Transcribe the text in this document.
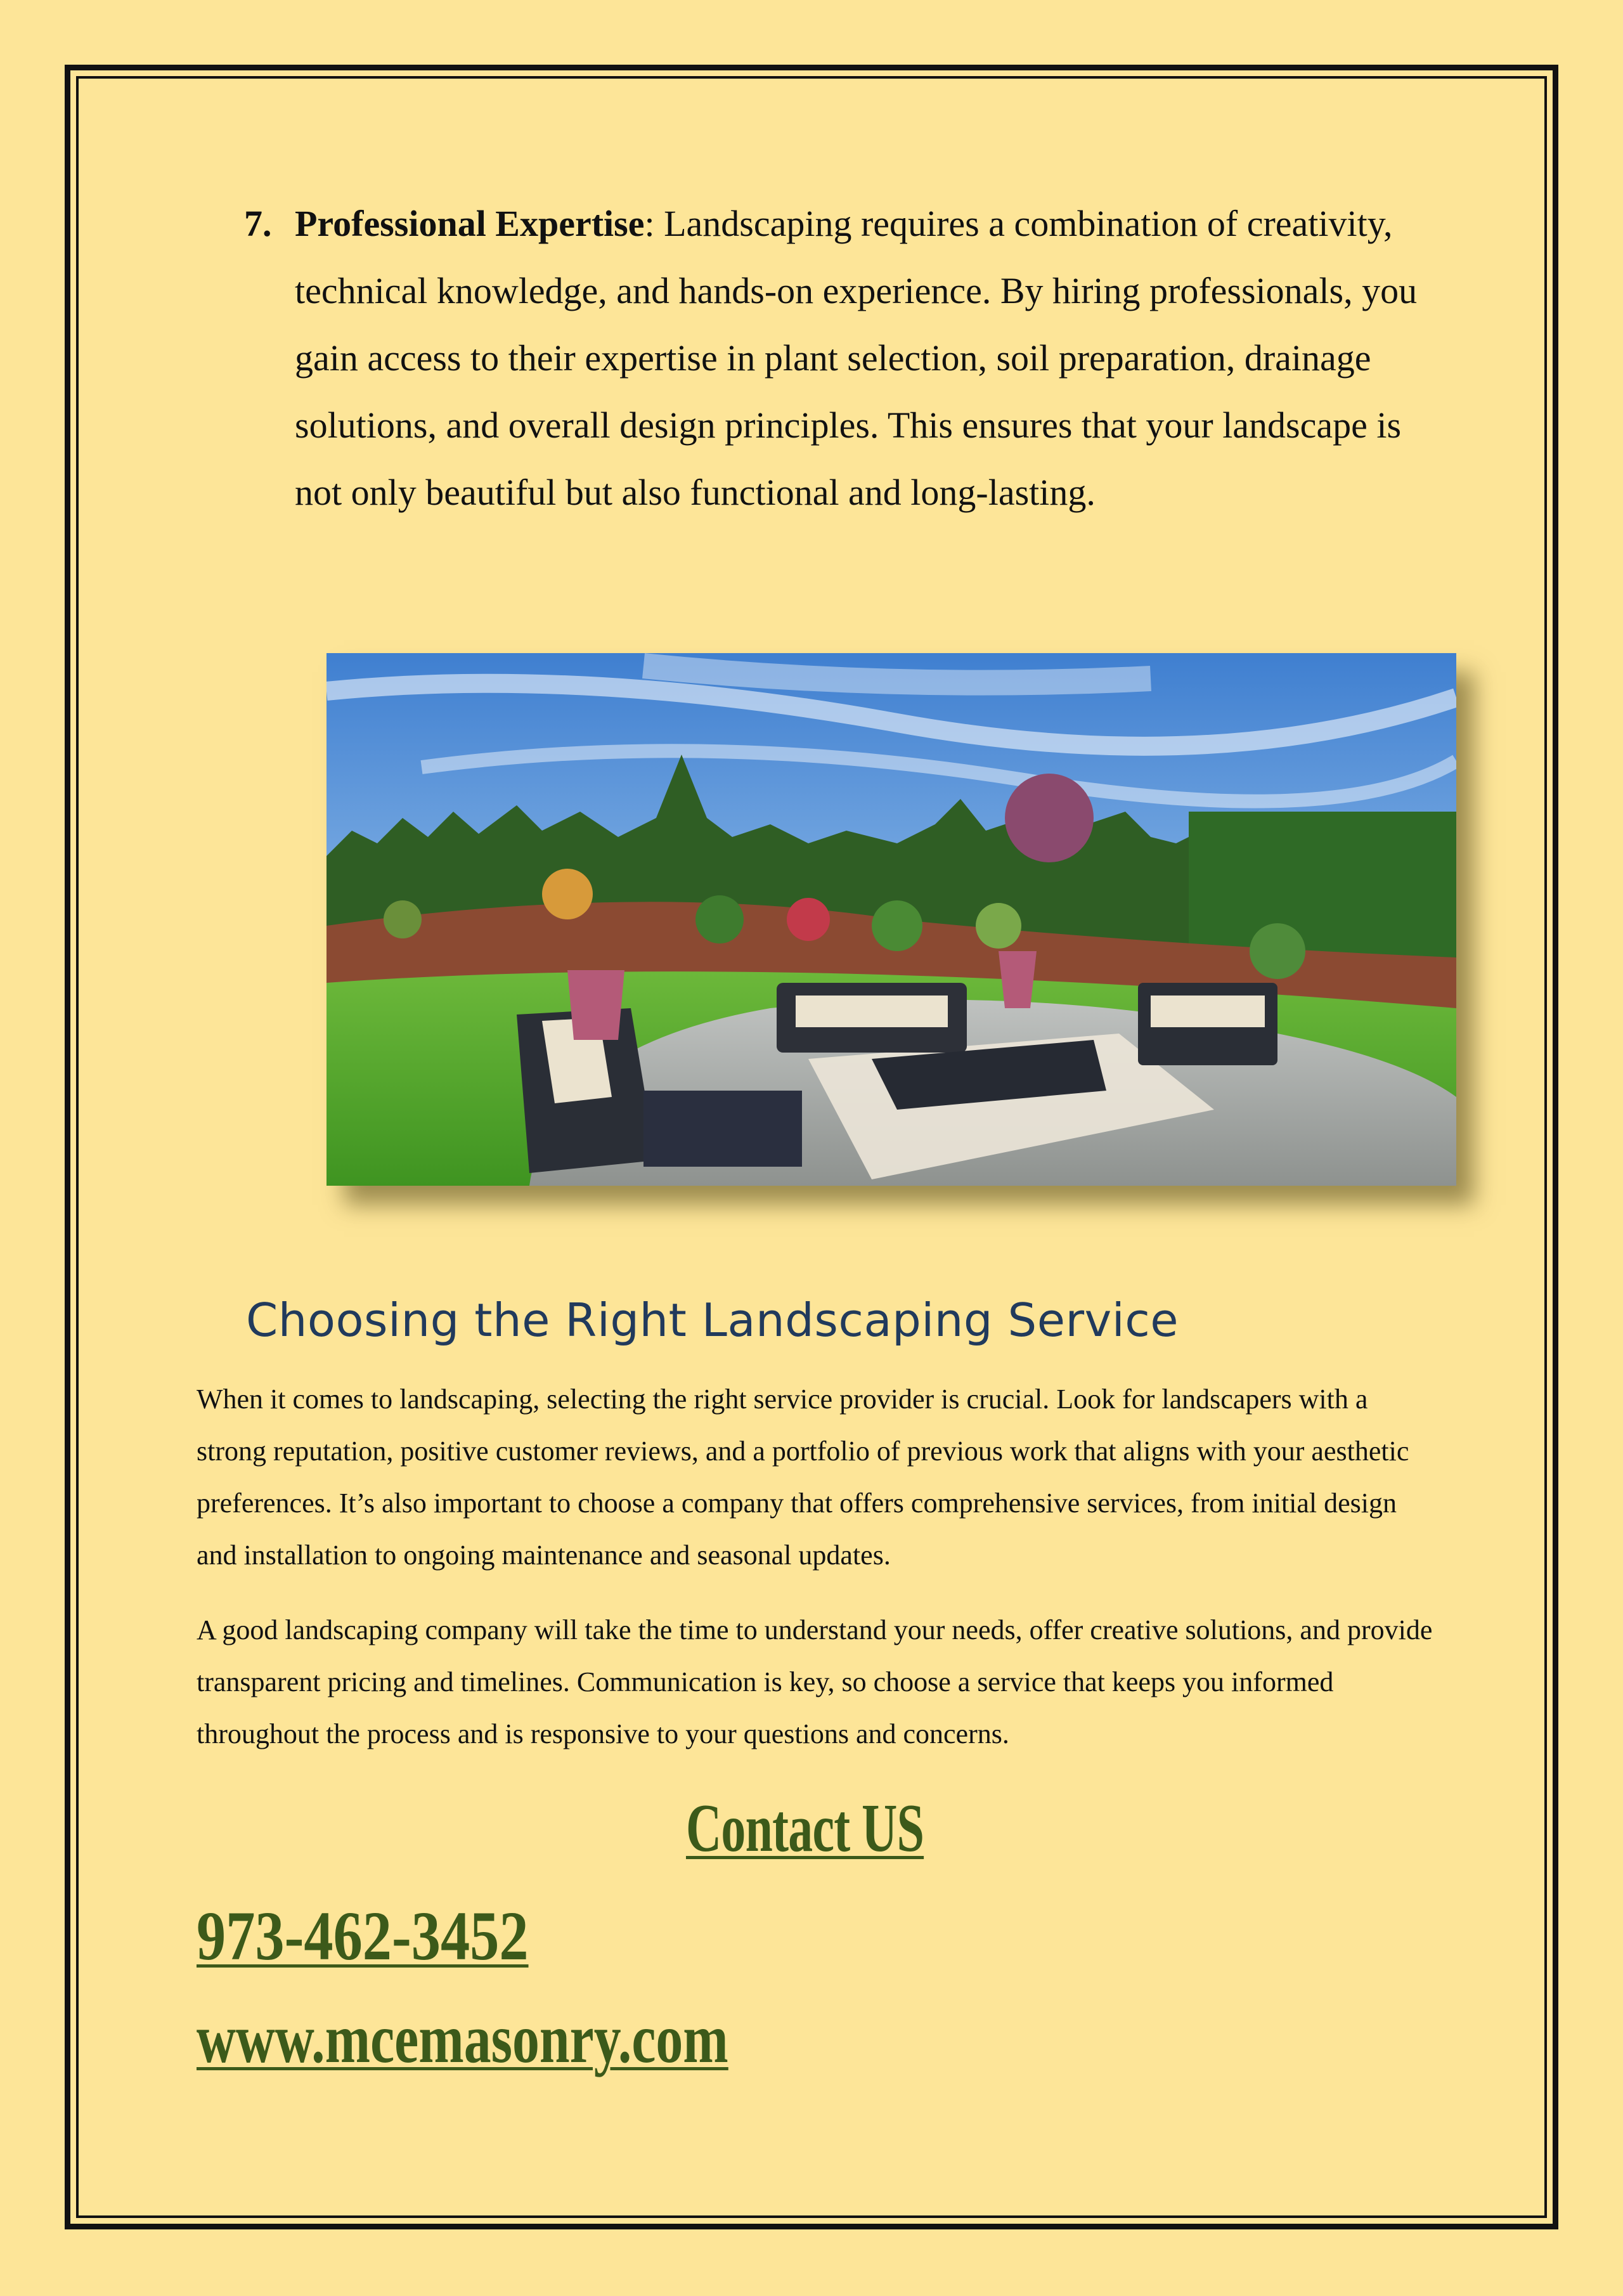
7. Professional Expertise: Landscaping requires a combination of creativity, technical knowledge, and hands-on experience. By hiring professionals, you gain access to their expertise in plant selection, soil preparation, drainage solutions, and overall design principles. This ensures that your landscape is not only beautiful but also functional and long-lasting.
Choosing the Right Landscaping Service

When it comes to landscaping, selecting the right service provider is crucial. Look for landscapers with a strong reputation, positive customer reviews, and a portfolio of previous work that aligns with your aesthetic preferences. It’s also important to choose a company that offers comprehensive services, from initial design and installation to ongoing maintenance and seasonal updates.

A good landscaping company will take the time to understand your needs, offer creative solutions, and provide transparent pricing and timelines. Communication is key, so choose a service that keeps you informed throughout the process and is responsive to your questions and concerns.

Contact US
973-462-3452
www.mcemasonry.com
